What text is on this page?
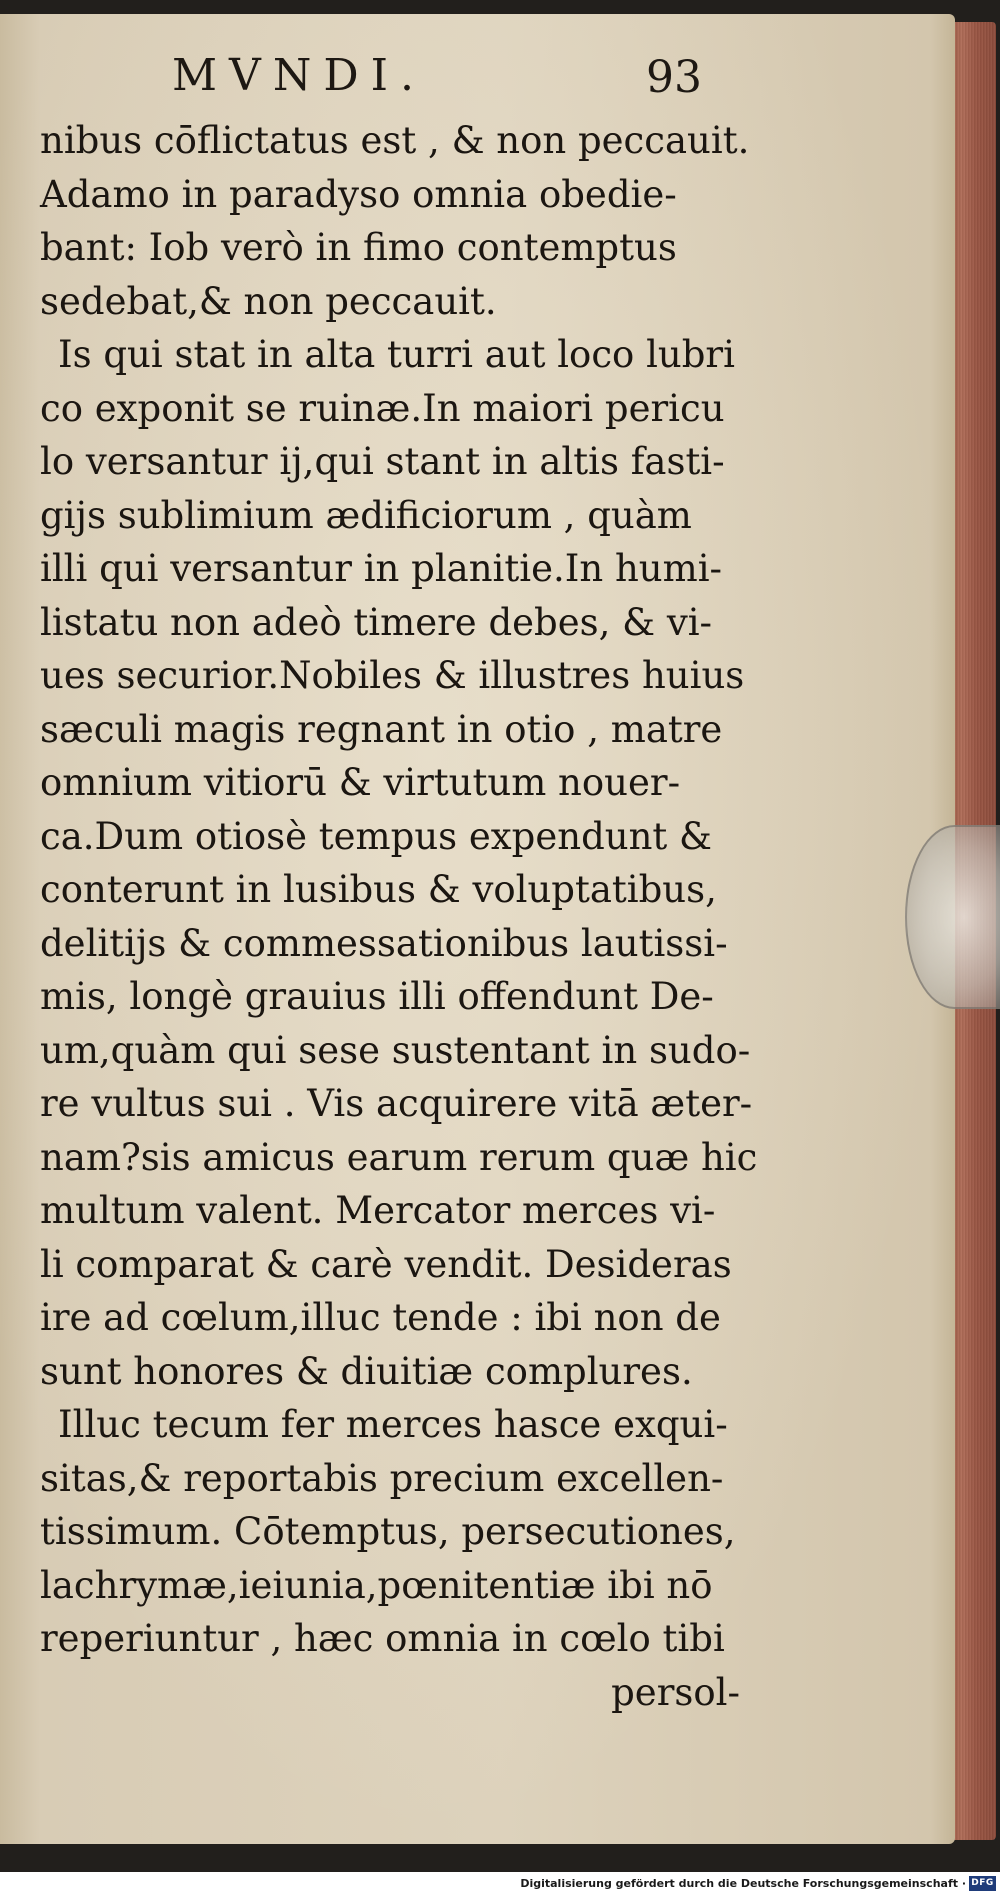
MVNDI.	93
nibus cōflictatus est , & non peccauit.
Adamo in paradyso omnia obedie-
bant: Iob verò in fimo contemptus
sedebat,& non peccauit.
Is qui stat in alta turri aut loco lubri
co exponit se ruinæ.In maiori pericu
lo versantur ij,qui stant in altis fasti-
gijs sublimium ædificiorum , quàm
illi qui versantur in planitie.In humi-
listatu non adeò timere debes, & vi-
ues securior.Nobiles & illustres huius
sæculi magis regnant in otio , matre
omnium vitiorū & virtutum nouer-
ca.Dum otiosè tempus expendunt &
conterunt in lusibus & voluptatibus,
delitijs & commessationibus lautissi-
mis, longè grauius illi offendunt De-
um,quàm qui sese sustentant in sudo-
re vultus sui . Vis acquirere vitā æter-
nam?sis amicus earum rerum quæ hic
multum valent. Mercator merces vi-
li comparat & carè vendit. Desideras
ire ad cœlum,illuc tende : ibi non de
sunt honores & diuitiæ complures.
Illuc tecum fer merces hasce exqui-
sitas,& reportabis precium excellen-
tissimum. Cōtemptus, persecutiones,
lachrymæ,ieiunia,pœnitentiæ ibi nō
reperiuntur , hæc omnia in cœlo tibi
persol-
Digitalisierung gefördert durch die Deutsche Forschungsgemeinschaft · DFG
